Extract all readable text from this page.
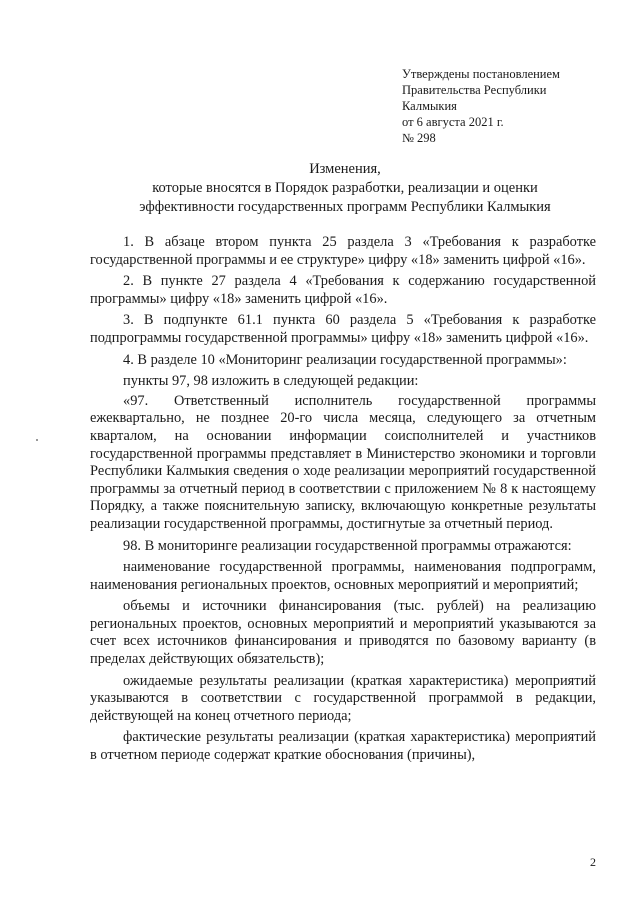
Утверждены постановлением
Правительства Республики
Калмыкия
от 6 августа 2021 г.
№ 298
Изменения,
которые вносятся в Порядок разработки, реализации и оценки
эффективности государственных программ Республики Калмыкия

1. В абзаце втором пункта 25 раздела 3 «Требования к разработке государственной программы и ее структуре» цифру «18» заменить цифрой «16».

2. В пункте 27 раздела 4 «Требования к содержанию государственной программы» цифру «18» заменить цифрой «16».

3. В подпункте 61.1 пункта 60 раздела 5 «Требования к разработке подпрограммы государственной программы» цифру «18» заменить цифрой «16».

4. В разделе 10 «Мониторинг реализации государственной программы»:

пункты 97, 98 изложить в следующей редакции:

«97. Ответственный исполнитель государственной программы ежеквартально, не позднее 20-го числа месяца, следующего за отчетным кварталом, на основании информации соисполнителей и участников государственной программы представляет в Министерство экономики и торговли Республики Калмыкия сведения о ходе реализации мероприятий государственной программы за отчетный период в соответствии с приложением № 8 к настоящему Порядку, а также пояснительную записку, включающую конкретные результаты реализации государственной программы, достигнутые за отчетный период.

98. В мониторинге реализации государственной программы отражаются:

наименование государственной программы, наименования подпрограмм, наименования региональных проектов, основных мероприятий и мероприятий;

объемы и источники финансирования (тыс. рублей) на реализацию региональных проектов, основных мероприятий и мероприятий указываются за счет всех источников финансирования и приводятся по базовому варианту (в пределах действующих обязательств);

ожидаемые результаты реализации (краткая характеристика) мероприятий указываются в соответствии с государственной программой в редакции, действующей на конец отчетного периода;

фактические результаты реализации (краткая характеристика) мероприятий в отчетном периоде содержат краткие обоснования (причины),

2
